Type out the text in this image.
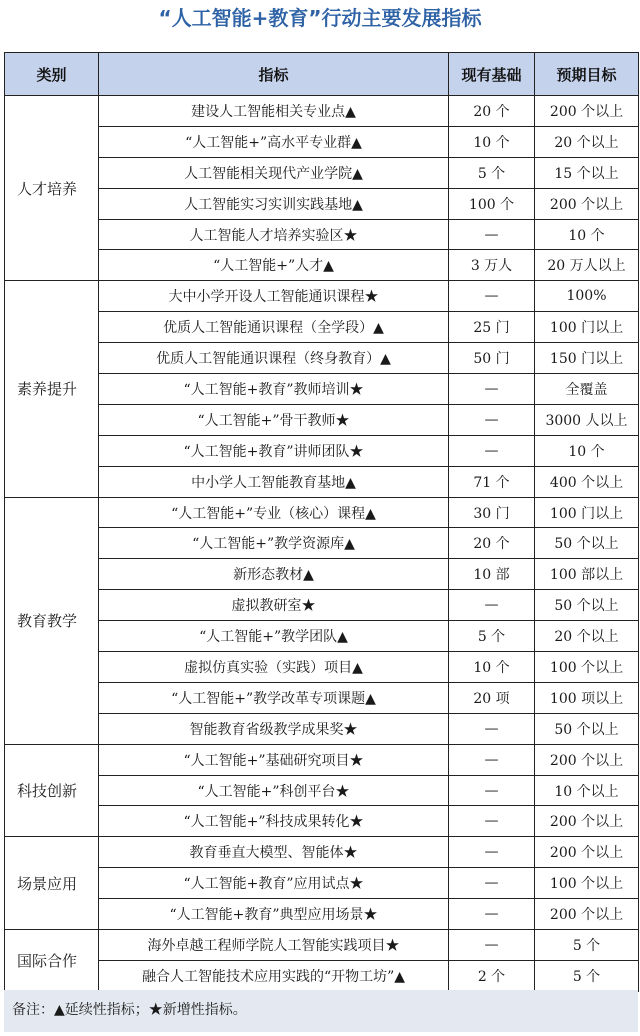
“人工智能+教育”行动主要发展指标
类别	指标	现有基础	预期目标
人才培养	建设人工智能相关专业点▲	20 个	200 个以上
	“人工智能+”高水平专业群▲	10 个	20 个以上
	人工智能相关现代产业学院▲	5 个	15 个以上
	人工智能实习实训实践基地▲	100 个	200 个以上
	人工智能人才培养实验区★	—	10 个
	“人工智能+”人才▲	3 万人	20 万人以上
素养提升	大中小学开设人工智能通识课程★	—	100%
	优质人工智能通识课程（全学段）▲	25 门	100 门以上
	优质人工智能通识课程（终身教育）▲	50 门	150 门以上
	“人工智能+教育”教师培训★	—	全覆盖
	“人工智能+”骨干教师★	—	3000 人以上
	“人工智能+教育”讲师团队★	—	10 个
	中小学人工智能教育基地▲	71 个	400 个以上
教育教学	“人工智能+”专业（核心）课程▲	30 门	100 门以上
	“人工智能+”教学资源库▲	20 个	50 个以上
	新形态教材▲	10 部	100 部以上
	虚拟教研室★	—	50 个以上
	“人工智能+”教学团队▲	5 个	20 个以上
	虚拟仿真实验（实践）项目▲	10 个	100 个以上
	“人工智能+”教学改革专项课题▲	20 项	100 项以上
	智能教育省级教学成果奖★	—	50 个以上
科技创新	“人工智能+”基础研究项目★	—	200 个以上
	“人工智能+”科创平台★	—	10 个以上
	“人工智能+”科技成果转化★	—	200 个以上
场景应用	教育垂直大模型、智能体★	—	200 个以上
	“人工智能+教育”应用试点★	—	100 个以上
	“人工智能+教育”典型应用场景★	—	200 个以上
国际合作	海外卓越工程师学院人工智能实践项目★	—	5 个
	融合人工智能技术应用实践的“开物工坊”▲	2 个	5 个
备注：▲延续性指标；★新增性指标。
